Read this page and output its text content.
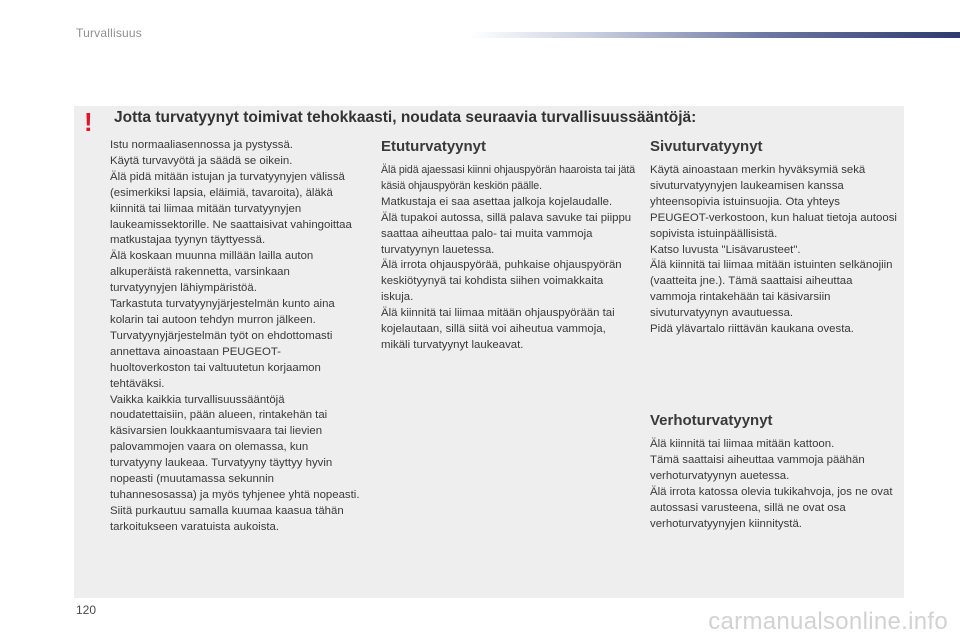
Turvallisuus
! Jotta turvatyynyt toimivat tehokkaasti, noudata seuraavia turvallisuussääntöjä:

Istu normaaliasennossa ja pystyssä.
Käytä turvavyötä ja säädä se oikein.
Älä pidä mitään istujan ja turvatyynyjen välissä (esimerkiksi lapsia, eläimiä, tavaroita), äläkä kiinnitä tai liimaa mitään turvatyynyjen laukeamissektorille. Ne saattaisivat vahingoittaa matkustajaa tyynyn täyttyessä.
Älä koskaan muunna millään lailla auton alkuperäistä rakennetta, varsinkaan turvatyynyjen lähiympäristöä.
Tarkastuta turvatyynyjärjestelmän kunto aina kolarin tai autoon tehdyn murron jälkeen.
Turvatyynyjärjestelmän työt on ehdottomasti annettava ainoastaan PEUGEOT-huoltoverkoston tai valtuutetun korjaamon tehtäväksi.
Vaikka kaikkia turvallisuussääntöjä noudatettaisiin, pään alueen, rintakehän tai käsivarsien loukkaantumisvaara tai lievien palovammojen vaara on olemassa, kun turvatyyny laukeaa. Turvatyyny täyttyy hyvin nopeasti (muutamassa sekunnin tuhannesosassa) ja myös tyhjenee yhtä nopeasti. Siitä purkautuu samalla kuumaa kaasua tähän tarkoitukseen varatuista aukoista.

Etuturvatyynyt

Älä pidä ajaessasi kiinni ohjauspyörän haaroista tai jätä käsiä ohjauspyörän keskiön päälle.

Matkustaja ei saa asettaa jalkoja kojelaudalle.
Älä tupakoi autossa, sillä palava savuke tai piippu saattaa aiheuttaa palo- tai muita vammoja turvatyynyn lauetessa.
Älä irrota ohjauspyörää, puhkaise ohjauspyörän keskiötyynyä tai kohdista siihen voimakkaita iskuja.
Älä kiinnitä tai liimaa mitään ohjauspyörään tai kojelautaan, sillä siitä voi aiheutua vammoja, mikäli turvatyynyt laukeavat.

Sivuturvatyynyt

Käytä ainoastaan merkin hyväksymiä sekä sivuturvatyynyjen laukeamisen kanssa yhteensopivia istuinsuojia. Ota yhteys PEUGEOT-verkostoon, kun haluat tietoja autoosi sopivista istuinpäällisistä.
Katso luvusta "Lisävarusteet".
Älä kiinnitä tai liimaa mitään istuinten selkänojiin (vaatteita jne.). Tämä saattaisi aiheuttaa vammoja rintakehään tai käsivarsiin sivuturvatyynyn avautuessa.
Pidä ylävartalo riittävän kaukana ovesta.

Verhoturvatyynyt

Älä kiinnitä tai liimaa mitään kattoon.
Tämä saattaisi aiheuttaa vammoja päähän verhoturvatyynyn auetessa.
Älä irrota katossa olevia tukikahvoja, jos ne ovat autossasi varusteena, sillä ne ovat osa verhoturvatyynyjen kiinnitystä.

120	carmanualsonline.info
